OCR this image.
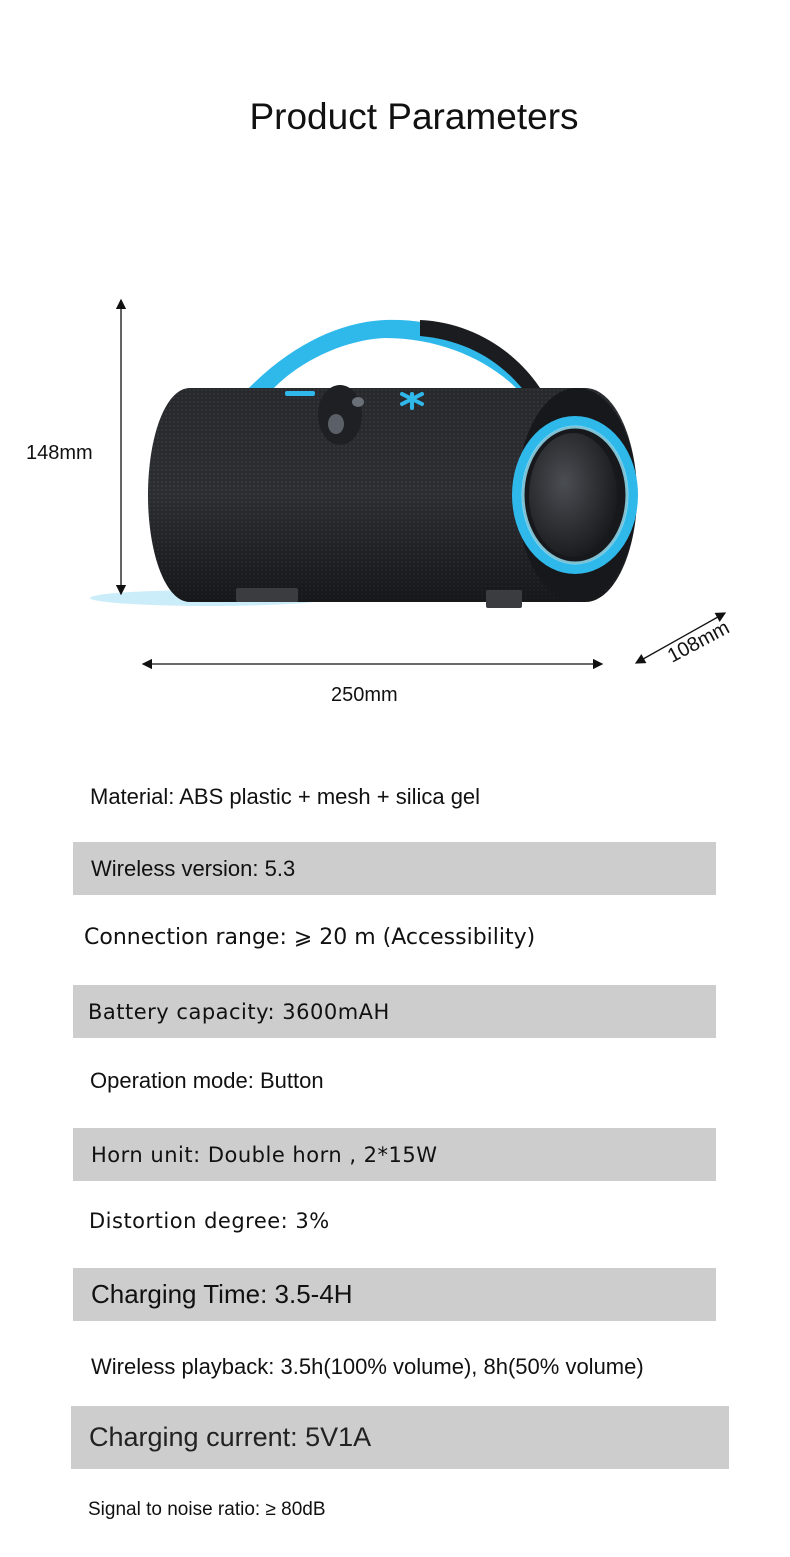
Product Parameters
148mm
250mm
108mm
Material: ABS plastic + mesh + silica gel
Wireless version: 5.3
Connection range: ⩾ 20 m (Accessibility)
Battery capacity: 3600mAH
Operation mode: Button
Horn unit: Double horn , 2*15W
Distortion degree: 3%
Charging Time: 3.5-4H
Wireless playback: 3.5h(100% volume), 8h(50% volume)
Charging current: 5V1A
Signal to noise ratio: ≥ 80dB
